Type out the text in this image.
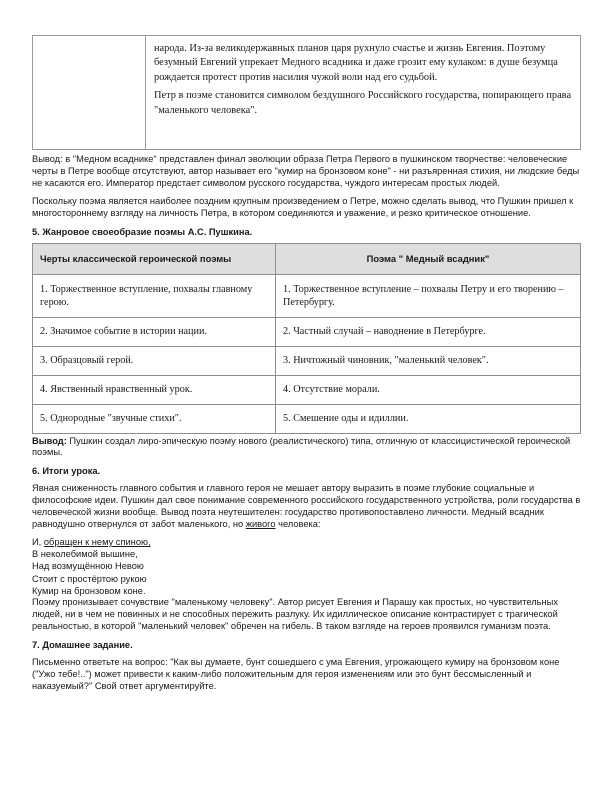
народа. Из-за великодержавных планов царя рухнуло счастье и жизнь Евгения. Поэтому безумный Евгений упрекает Медного всадника и даже грозит ему кулаком: в душе безумца рождается протест против насилия чужой воли над его судьбой.

Петр в поэме становится символом бездушного Российского государства, попирающего права "маленького человека".

Вывод: в "Медном всаднике" представлен финал эволюции образа Петра Первого в пушкинском творчестве: человеческие черты в Петре вообще отсутствуют, автор называет его "кумир на бронзовом коне" - ни разъяренная стихия, ни людские беды не касаются его. Император предстает символом русского государства, чуждого интересам простых людей.

Поскольку поэма является наиболее поздним крупным произведением о Петре, можно сделать вывод, что Пушкин пришел к многостороннему взгляду на личность Петра, в котором соединяются и уважение, и резко критическое отношение.

5. Жанровое своеобразие поэмы А.С. Пушкина.

Черты классической героической поэмы	Поэма " Медный всадник"
1. Торжественное вступление, похвалы главному герою.	1. Торжественное вступление – похвалы Петру и его творению – Петербургу.
2. Значимое событие в истории нации.	2. Частный случай – наводнение в Петербурге.
3. Образцовый герой.	3. Ничтожный чиновник, "маленький человек".
4. Явственный нравственный урок.	4. Отсутствие морали.
5. Однородные "звучные стихи".	5. Смешение оды и идиллии.

Вывод: Пушкин создал лиро-эпическую поэму нового (реалистического) типа, отличную от классицистической героической поэмы.

6. Итоги урока.

Явная сниженность главного события и главного героя не мешает автору выразить в поэме глубокие социальные и философские идеи. Пушкин дал свое понимание современного российского государственного устройства, роли государства в человеческой жизни вообще. Вывод поэта неутешителен: государство противопоставлено личности. Медный всадник равнодушно отвернулся от забот маленького, но живого человека:

И, обращен к нему спиною,

В неколебимой вышине,

Над возмущённою Невою

Стоит с простёртою рукою

Кумир на бронзовом коне.

Поэму пронизывает сочувствие "маленькому человеку". Автор рисует Евгения и Парашу как простых, но чувствительных людей, ни в чем не повинных и не способных пережить разлуку. Их идиллическое описание контрастирует с трагической реальностью, в которой "маленький человек" обречен на гибель. В таком взгляде на героев проявился гуманизм поэта.

7. Домашнее задание.

Письменно ответьте на вопрос: "Как вы думаете, бунт сошедшего с ума Евгения, угрожающего кумиру на бронзовом коне ("Ужо тебе!..") может привести к каким-либо положительным для героя изменениям или это бунт бессмысленный и наказуемый?" Свой ответ аргументируйте.
